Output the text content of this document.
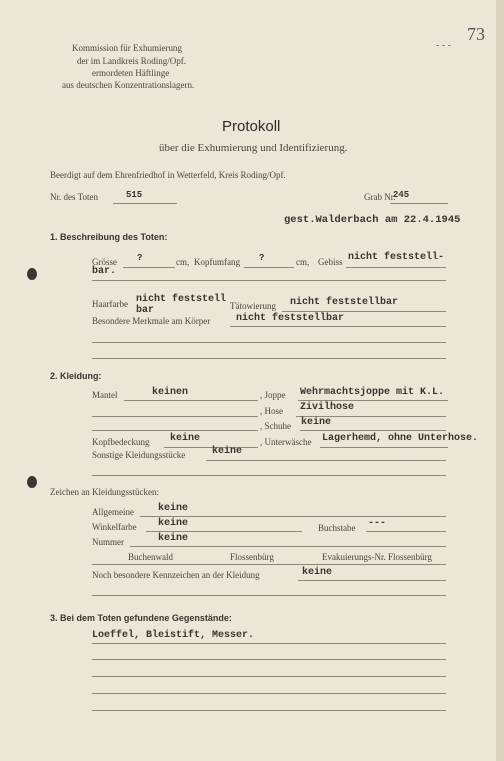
73
- - -
Kommission für Exhumierung
der im Landkreis Roding/Opf.
ermordeten Häftlinge
aus deutschen Konzentrationslagern.
Protokoll
über die Exhumierung und Identifizierung.
Beerdigt auf dem Ehrenfriedhof in Wetterfeld, Kreis Roding/Opf.
Nr. des Toten	515	Grab Nr.
245
gest.Walderbach am 22.4.1945
1. Beschreibung des Toten:
Grösse ?	cm, Kopfumfang ?	cm, Gebiss nicht feststell-
bar.
Haarfarbe nicht feststell
bar	Tätowierung nicht feststellbar
Besondere Merkmale am Körper	nicht feststellbar
2. Kleidung:
Mantel	keinen	, Joppe Wehrmachtsjoppe mit K.L.
, Hose Zivilhose
, Schuhe keine
Kopfbedeckung keine	, Unterwäsche Lagerhemd, ohne Unterhose.
Sonstige Kleidungsstücke	keine
Zeichen an Kleidungsstücken:
Allgemeine keine
Winkelfarbe keine	Buchstabe ---
Nummer	keine
Buchenwald	Flossenbürg	Evakuierungs-Nr. Flossenbürg
Noch besondere Kennzeichen an der Kleidung	keine
3. Bei dem Toten gefundene Gegenstände:
Loeffel, Bleistift, Messer.
